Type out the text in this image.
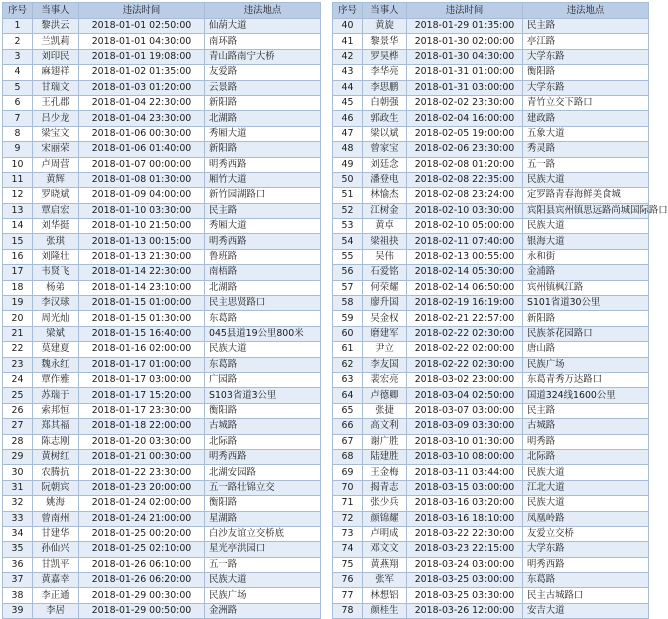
序号	当事人	违法时间	违法地点
1	黎洪云	2018-01-01 02:50:00	仙葫大道
2	兰凯莉	2018-01-01 04:30:00	南环路
3	刘印民	2018-01-01 19:08:00	青山路南宁大桥
4	麻翅祥	2018-01-02 01:35:00	友爱路
5	甘瑞文	2018-01-03 01:20:00	云景路
6	王孔郡	2018-01-04 22:30:00	新阳路
7	吕少龙	2018-01-04 23:30:00	北湖路
8	梁宝文	2018-01-06 00:30:00	秀厢大道
9	宋丽荣	2018-01-06 01:40:00	新阳路
10	卢周营	2018-01-07 00:00:00	明秀西路
11	黄辉	2018-01-08 01:30:00	厢竹大道
12	罗晓斌	2018-01-09 04:00:00	新竹园湖路口
13	覃启宏	2018-01-10 03:30:00	民主路
14	刘华挺	2018-01-10 21:50:00	秀厢大道
15	张琪	2018-01-13 00:15:00	明秀西路
16	刘隆壮	2018-01-13 21:30:00	鲁班路
17	韦贤飞	2018-01-14 22:30:00	南梧路
18	杨弟	2018-01-14 23:10:00	北湖路
19	李汉球	2018-01-15 01:00:00	民主思贤路口
20	周光灿	2018-01-15 01:30:00	东葛路
21	梁斌	2018-01-15 16:40:00	045县道19公里800米
22	莫建夏	2018-01-16 02:00:00	民族大道
23	魏永红	2018-01-17 01:00:00	东葛路
24	覃作雅	2018-01-17 03:00:00	广园路
25	苏瑞于	2018-01-17 15:20:00	S103省道3公里
26	索邦恒	2018-01-17 23:30:00	衡阳路
27	郑其福	2018-01-18 22:00:00	古城路
28	陈志刚	2018-01-20 03:30:00	北际路
29	黄树红	2018-01-21 00:30:00	明秀西路
30	农腾抗	2018-01-22 23:30:00	北湖安园路
31	阮朝宾	2018-01-23 20:00:00	五一路壮锦立交
32	姚海	2018-01-24 02:00:00	衡阳路
33	曾南州	2018-01-24 21:00:00	星湖路
34	甘建华	2018-01-25 00:20:00	白沙友谊立交桥底
35	孙仙兴	2018-01-25 02:10:00	星光亭洪园口
36	甘凯平	2018-01-26 06:10:00	五一路
37	黄嘉幸	2018-01-26 06:20:00	民族大道
38	李正通	2018-01-29 00:30:00	民族广场
39	李居	2018-01-29 00:50:00	金洲路
序号	当事人	违法时间	违法地点
40	黄旋	2018-01-29 01:35:00	民主路
41	黎景华	2018-01-30 02:00:00	亭江路
42	罗昊桦	2018-01-30 04:30:00	大学东路
43	李华亮	2018-01-31 01:00:00	衡阳路
44	李思鹏	2018-01-31 03:00:00	大学东路
45	白朝强	2018-02-02 23:30:00	青竹立交下路口
46	郭政生	2018-02-04 16:00:00	建政路
47	梁以斌	2018-02-05 19:00:00	五象大道
48	曾家宝	2018-02-06 23:30:00	秀灵路
49	刘廷念	2018-02-08 01:20:00	五一路
50	潘登电	2018-02-08 22:35:00	民族大道
51	林愉杰	2018-02-08 23:24:00	定罗路青春海鲜美食城
52	江树金	2018-02-10 03:30:00	宾阳县宾州镇思远路尚城国际路口
53	黄卓	2018-02-10 05:00:00	民族大道
54	梁祖抉	2018-02-11 07:40:00	银海大道
55	吴伟	2018-02-13 00:55:00	永和街
56	石爱铭	2018-02-14 05:30:00	金浦路
57	何荣耀	2018-02-14 06:50:00	宾州镇枫江路
58	廖升国	2018-02-19 16:19:00	S101省道30公里
59	吴金权	2018-02-21 22:57:00	新阳路
60	磨建军	2018-02-22 02:30:00	民族茶花园路口
61	尹立	2018-02-22 02:00:00	唐山路
62	李友国	2018-02-22 02:30:00	民族广场
63	裴宏亮	2018-03-02 23:00:00	东葛青秀万达路口
64	卢德卿	2018-03-04 02:50:00	国道324线1600公里
65	张捷	2018-03-07 03:00:00	民主路
66	高文利	2018-03-09 03:30:00	古城路
67	谢广胜	2018-03-10 01:30:00	明秀路
68	陆建胜	2018-03-10 08:00:00	北际路
69	王金梅	2018-03-11 03:44:00	民族大道
70	揭青志	2018-03-15 03:00:00	江北大道
71	张少兵	2018-03-16 03:20:00	民族大道
72	颜锦耀	2018-03-16 18:10:00	凤凰岭路
73	卢明成	2018-03-22 22:30:00	友爱立交桥
74	邓文文	2018-03-23 22:15:00	大学东路
75	黄燕翔	2018-03-24 03:00:00	明秀西路
76	张军	2018-03-25 03:00:00	东葛路
77	林想铝	2018-03-25 03:30:00	民主古城路口
78	颜桂生	2018-03-26 12:00:00	安吉大道
